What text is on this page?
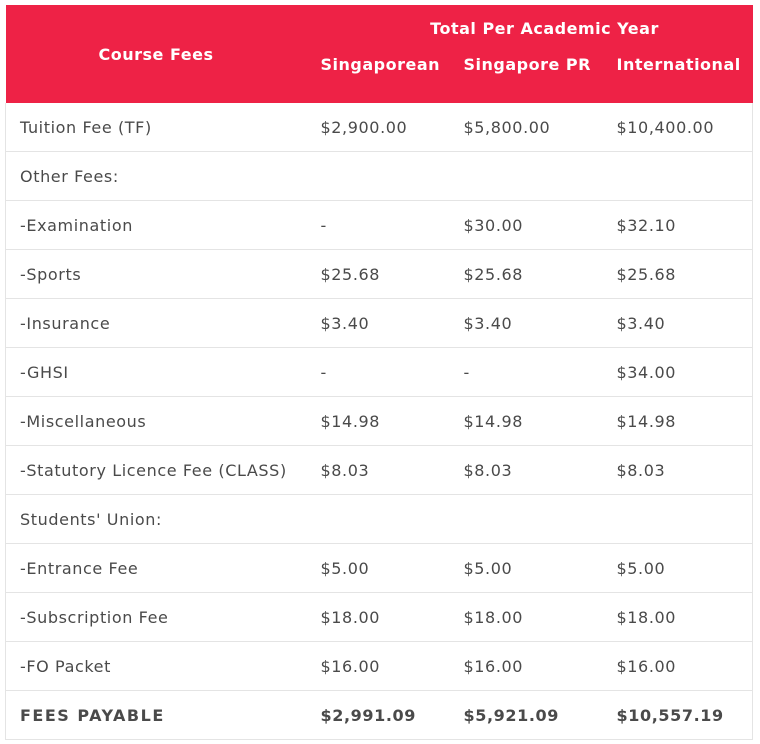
Course Fees	Total Per Academic Year		
	Singaporean	Singapore PR	International
Tuition Fee (TF)	$2,900.00	$5,800.00	$10,400.00
Other Fees:			
-Examination	-	$30.00	$32.10
-Sports	$25.68	$25.68	$25.68
-Insurance	$3.40	$3.40	$3.40
-GHSI	-	-	$34.00
-Miscellaneous	$14.98	$14.98	$14.98
-Statutory Licence Fee (CLASS)	$8.03	$8.03	$8.03
Students' Union:			
-Entrance Fee	$5.00	$5.00	$5.00
-Subscription Fee	$18.00	$18.00	$18.00
-FO Packet	$16.00	$16.00	$16.00
FEES PAYABLE	$2,991.09	$5,921.09	$10,557.19
